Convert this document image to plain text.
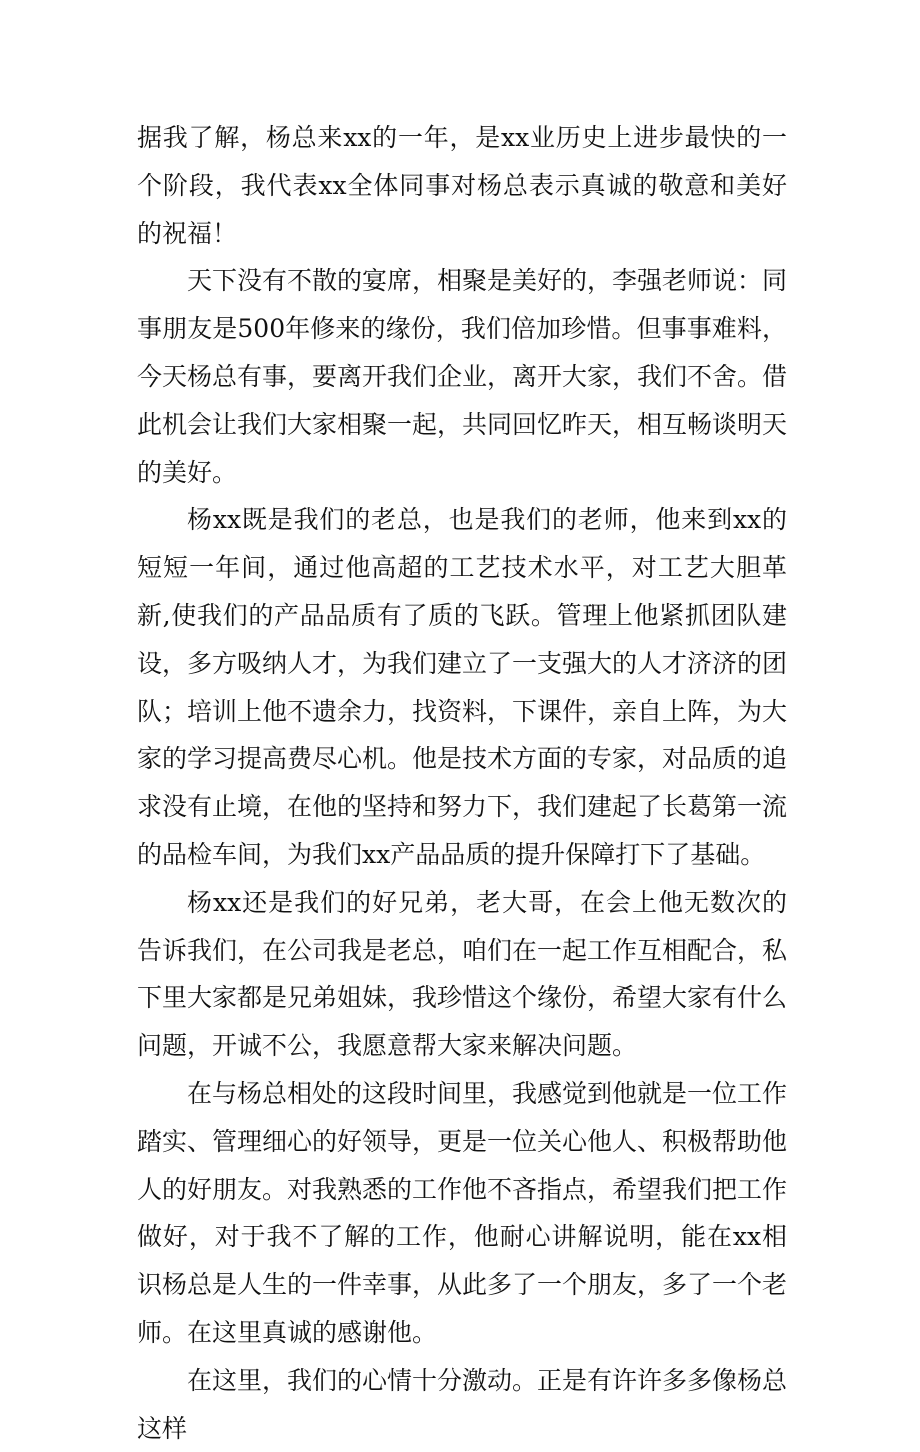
据我了解，杨总来xx的一年，是xx业历史上进步最快的一个阶段，我代表xx全体同事对杨总表示真诚的敬意和美好的祝福！

天下没有不散的宴席，相聚是美好的，李强老师说：同事朋友是500年修来的缘份，我们倍加珍惜。但事事难料，今天杨总有事，要离开我们企业，离开大家，我们不舍。借此机会让我们大家相聚一起，共同回忆昨天，相互畅谈明天的美好。

杨xx既是我们的老总，也是我们的老师，他来到xx的短短一年间，通过他高超的工艺技术水平，对工艺大胆革新,使我们的产品品质有了质的飞跃。管理上他紧抓团队建设，多方吸纳人才，为我们建立了一支强大的人才济济的团队；培训上他不遗余力，找资料，下课件，亲自上阵，为大家的学习提高费尽心机。他是技术方面的专家，对品质的追求没有止境，在他的坚持和努力下，我们建起了长葛第一流的品检车间，为我们xx产品品质的提升保障打下了基础。

杨xx还是我们的好兄弟，老大哥，在会上他无数次的告诉我们，在公司我是老总，咱们在一起工作互相配合，私下里大家都是兄弟姐妹，我珍惜这个缘份，希望大家有什么问题，开诚不公，我愿意帮大家来解决问题。

在与杨总相处的这段时间里，我感觉到他就是一位工作踏实、管理细心的好领导，更是一位关心他人、积极帮助他人的好朋友。对我熟悉的工作他不吝指点，希望我们把工作做好，对于我不了解的工作，他耐心讲解说明，能在xx相识杨总是人生的一件幸事，从此多了一个朋友，多了一个老师。在这里真诚的感谢他。

在这里，我们的心情十分激动。正是有许许多多像杨总这样
